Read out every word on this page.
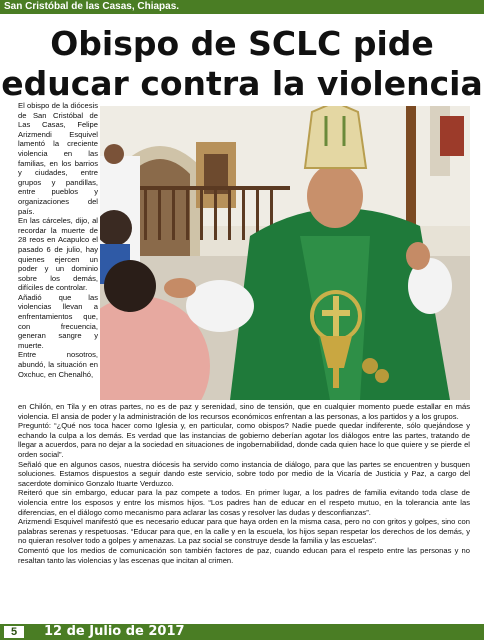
San Cristóbal de las Casas, Chiapas.
Obispo de SCLC pide
educar contra la violencia

El obispo de la diócesis de San Cristóbal de Las Casas, Felipe Arizmendi Esquivel lamentó la creciente violencia en las familias, en los barrios y ciudades, entre grupos y pandillas, entre pueblos y organizaciones del país.

En las cárceles, dijo, al recordar la muerte de 28 reos en Acapulco el pasado 6 de julio, hay quienes ejercen un poder y un dominio sobre los demás, difíciles de controlar.

Añadió que las violencias llevan a enfrentamientos que, con frecuencia, generan sangre y muerte.

Entre nosotros, abundó, la situación en Oxchuc, en Chenalhó,

en Chilón, en Tila y en otras partes, no es de paz y serenidad, sino de tensión, que en cualquier momento puede estallar en más violencia. El ansia de poder y la administración de los recursos económicos enfrentan a las personas, a los partidos y a los grupos.

Preguntó: “¿Qué nos toca hacer como Iglesia y, en particular, como obispos? Nadie puede quedar indiferente, sólo quejándose y echando la culpa a los demás. Es verdad que las instancias de gobierno deberían agotar los diálogos entre las partes, tratando de llegar a acuerdos, para no dejar a la sociedad en situaciones de ingobernabilidad, donde cada quien hace lo que quiere y se pierde el orden social”.

Señaló que en algunos casos, nuestra diócesis ha servido como instancia de diálogo, para que las partes se encuentren y busquen soluciones. Estamos dispuestos a seguir dando este servicio, sobre todo por medio de la Vicaría de Justicia y Paz, a cargo del sacerdote dominico Gonzalo Ituarte Verduzco.

Reiteró que sin embargo, educar para la paz compete a todos. En primer lugar, a los padres de familia evitando toda clase de violencia entre los esposos y entre los mismos hijos. “Los padres han de educar en el respeto mutuo, en la tolerancia ante las diferencias, en el diálogo como mecanismo para aclarar las cosas y resolver las dudas y desconfianzas”.

Arizmendi Esquivel manifestó que es necesario educar para que haya orden en la misma casa, pero no con gritos y golpes, sino con palabras serenas y respetuosas. “Educar para que, en la calle y en la escuela, los hijos sepan respetar los derechos de los demás, y no quieran resolver todo a golpes y amenazas. La paz social se construye desde la familia y las escuelas”.

Comentó que los medios de comunicación son también factores de paz, cuando educan para el respeto entre las personas y no resaltan tanto las violencias y las escenas que incitan al crimen.

5	12 de Julio de 2017
